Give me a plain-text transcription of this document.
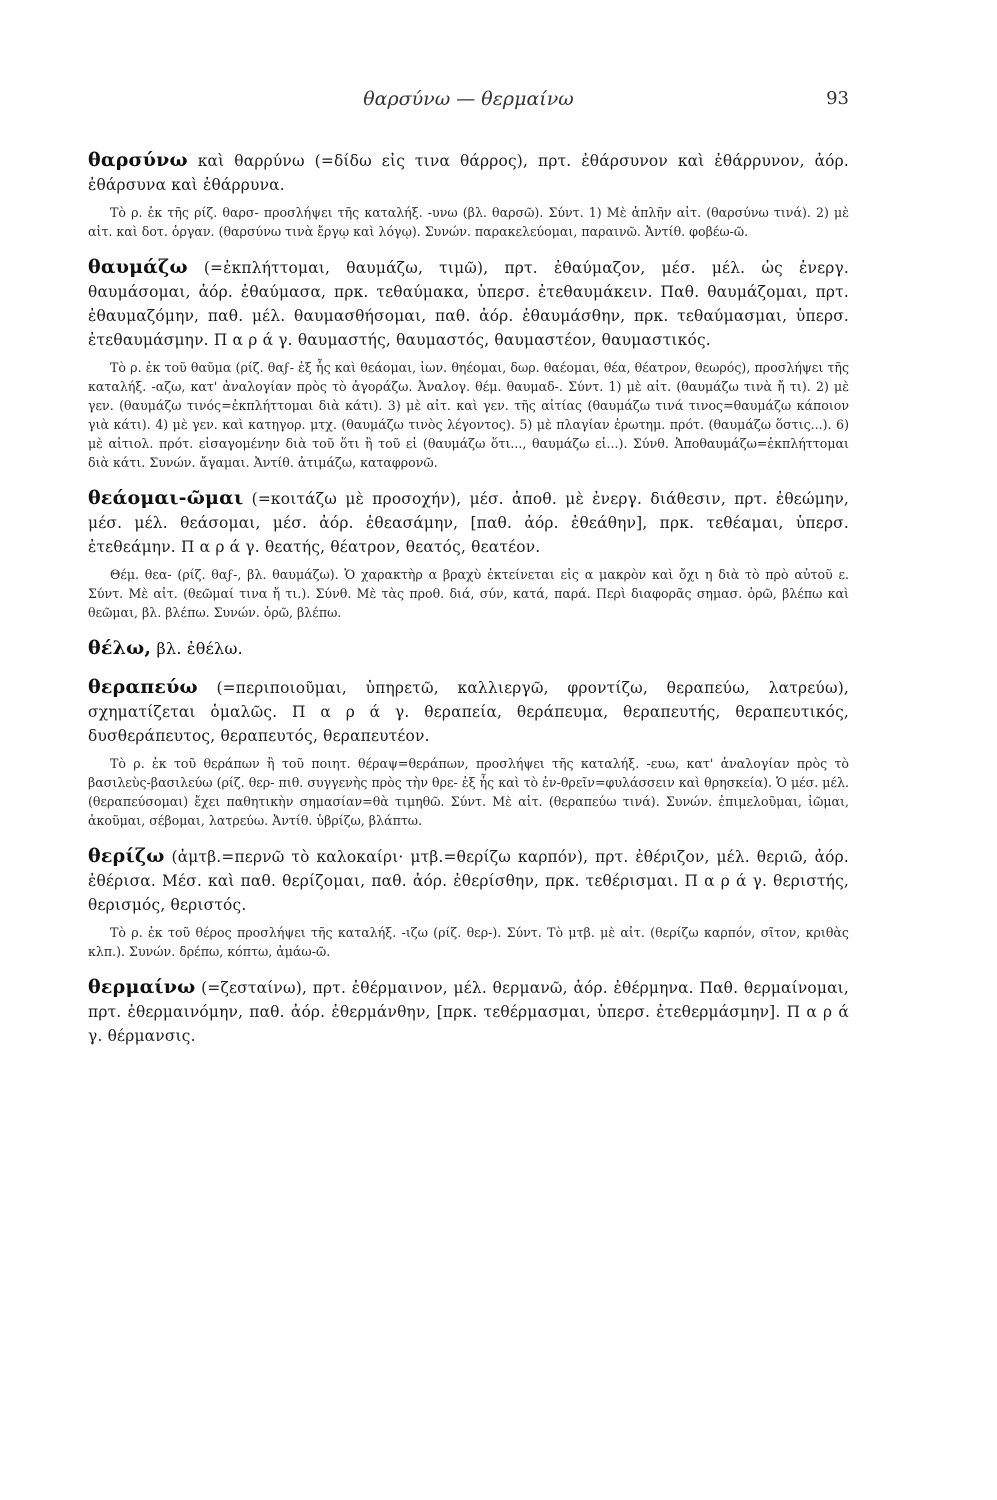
θαρσύνω — θερμαίνω	93

θαρσύνω καὶ θαρρύνω (=δίδω εἰς τινα θάρρος), πρτ. ἐθάρσυνον καὶ ἐθάρρυνον, ἀόρ. ἐθάρσυνα καὶ ἐθάρρυνα.

Τὸ ρ. ἐκ τῆς ρίζ. θαρσ- προσλήψει τῆς καταλήξ. -υνω (βλ. θαρσῶ). Σύντ. 1) Μὲ ἁπλῆν αἰτ. (θαρσύνω τινά). 2) μὲ αἰτ. καὶ δοτ. ὀργαν. (θαρσύνω τινὰ ἔργῳ καὶ λόγῳ). Συνών. παρακελεύομαι, παραινῶ. Ἀντίθ. φοβέω-ῶ.

θαυμάζω (=ἐκπλήττομαι, θαυμάζω, τιμῶ), πρτ. ἐθαύμαζον, μέσ. μέλ. ὡς ἐνεργ. θαυμάσομαι, ἀόρ. ἐθαύμασα, πρκ. τεθαύμακα, ὑπερσ. ἐτεθαυμάκειν. Παθ. θαυμάζομαι, πρτ. ἐθαυμαζόμην, παθ. μέλ. θαυμασθήσομαι, παθ. ἀόρ. ἐθαυμάσθην, πρκ. τεθαύμασμαι, ὑπερσ. ἐτεθαυμάσμην. Π α ρ ά γ. θαυμαστής, θαυμαστός, θαυμαστέον, θαυμαστικός.

Τὸ ρ. ἐκ τοῦ θαῦμα (ρίζ. θαϝ- ἐξ ἧς καὶ θεάομαι, ἰων. θηέομαι, δωρ. θαέομαι, θέα, θέατρον, θεωρός), προσλήψει τῆς καταλήξ. -αζω, κατ' ἀναλογίαν πρὸς τὸ ἀγοράζω. Ἀναλογ. θέμ. θαυμαδ-. Σύντ. 1) μὲ αἰτ. (θαυμάζω τινὰ ἤ τι). 2) μὲ γεν. (θαυμάζω τινός=ἐκπλήττομαι διὰ κάτι). 3) μὲ αἰτ. καὶ γεν. τῆς αἰτίας (θαυμάζω τινά τινος=θαυμάζω κάποιον γιὰ κάτι). 4) μὲ γεν. καὶ κατηγορ. μτχ. (θαυμάζω τινὸς λέγοντος). 5) μὲ πλαγίαν ἐρωτημ. πρότ. (θαυμάζω ὅστις...). 6) μὲ αἰτιολ. πρότ. εἰσαγομένην διὰ τοῦ ὅτι ἢ τοῦ εἰ (θαυμάζω ὅτι..., θαυμάζω εἰ...). Σύνθ. Ἀποθαυμάζω=ἐκπλήττομαι διὰ κάτι. Συνών. ἄγαμαι. Ἀντίθ. ἀτιμάζω, καταφρονῶ.

θεάομαι-ῶμαι (=κοιτάζω μὲ προσοχήν), μέσ. ἀποθ. μὲ ἐνεργ. διάθεσιν, πρτ. ἐθεώμην, μέσ. μέλ. θεάσομαι, μέσ. ἀόρ. ἐθεασάμην, [παθ. ἀόρ. ἐθεάθην], πρκ. τεθέαμαι, ὑπερσ. ἐτεθεάμην. Π α ρ ά γ. θεατής, θέατρον, θεατός, θεατέον.

Θέμ. θεα- (ρίζ. θαϝ-, βλ. θαυμάζω). Ὁ χαρακτὴρ α βραχὺ ἐκτείνεται εἰς α μακρὸν καὶ ὄχι η διὰ τὸ πρὸ αὐτοῦ ε. Σύντ. Μὲ αἰτ. (θεῶμαί τινα ἤ τι.). Σύνθ. Μὲ τὰς προθ. διά, σύν, κατά, παρά. Περὶ διαφορᾶς σημασ. ὁρῶ, βλέπω καὶ θεῶμαι, βλ. βλέπω. Συνών. ὁρῶ, βλέπω.

θέλω, βλ. ἐθέλω.

θεραπεύω (=περιποιοῦμαι, ὑπηρετῶ, καλλιεργῶ, φροντίζω, θεραπεύω, λατρεύω), σχηματίζεται ὁμαλῶς. Π α ρ ά γ. θεραπεία, θεράπευμα, θεραπευτής, θεραπευτικός, δυσθεράπευτος, θεραπευτός, θεραπευτέον.

Τὸ ρ. ἐκ τοῦ θεράπων ἢ τοῦ ποιητ. θέραψ=θεράπων, προσλήψει τῆς καταλήξ. -ευω, κατ' ἀναλογίαν πρὸς τὸ βασιλεὺς-βασιλεύω (ρίζ. θερ- πιθ. συγγενὴς πρὸς τὴν θρε- ἐξ ἧς καὶ τὸ ἐν-θρεῖν=φυλάσσειν καὶ θρησκεία). Ὁ μέσ. μέλ. (θεραπεύσομαι) ἔχει παθητικὴν σημασίαν=θὰ τιμηθῶ. Σύντ. Μὲ αἰτ. (θεραπεύω τινά). Συνών. ἐπιμελοῦμαι, ἰῶμαι, ἀκοῦμαι, σέβομαι, λατρεύω. Ἀντίθ. ὑβρίζω, βλάπτω.

θερίζω (ἀμτβ.=περνῶ τὸ καλοκαίρι· μτβ.=θερίζω καρπόν), πρτ. ἐθέριζον, μέλ. θεριῶ, ἀόρ. ἐθέρισα. Μέσ. καὶ παθ. θερίζομαι, παθ. ἀόρ. ἐθερίσθην, πρκ. τεθέρισμαι. Π α ρ ά γ. θεριστής, θερισμός, θεριστός.

Τὸ ρ. ἐκ τοῦ θέρος προσλήψει τῆς καταλήξ. -ιζω (ρίζ. θερ-). Σύντ. Τὸ μτβ. μὲ αἰτ. (θερίζω καρπόν, σῖτον, κριθὰς κλπ.). Συνών. δρέπω, κόπτω, ἀμάω-ῶ.

θερμαίνω (=ζεσταίνω), πρτ. ἐθέρμαινον, μέλ. θερμανῶ, ἀόρ. ἐθέρμηνα. Παθ. θερμαίνομαι, πρτ. ἐθερμαινόμην, παθ. ἀόρ. ἐθερμάνθην, [πρκ. τεθέρμασμαι, ὑπερσ. ἐτεθερμάσμην]. Π α ρ ά γ. θέρμανσις.
